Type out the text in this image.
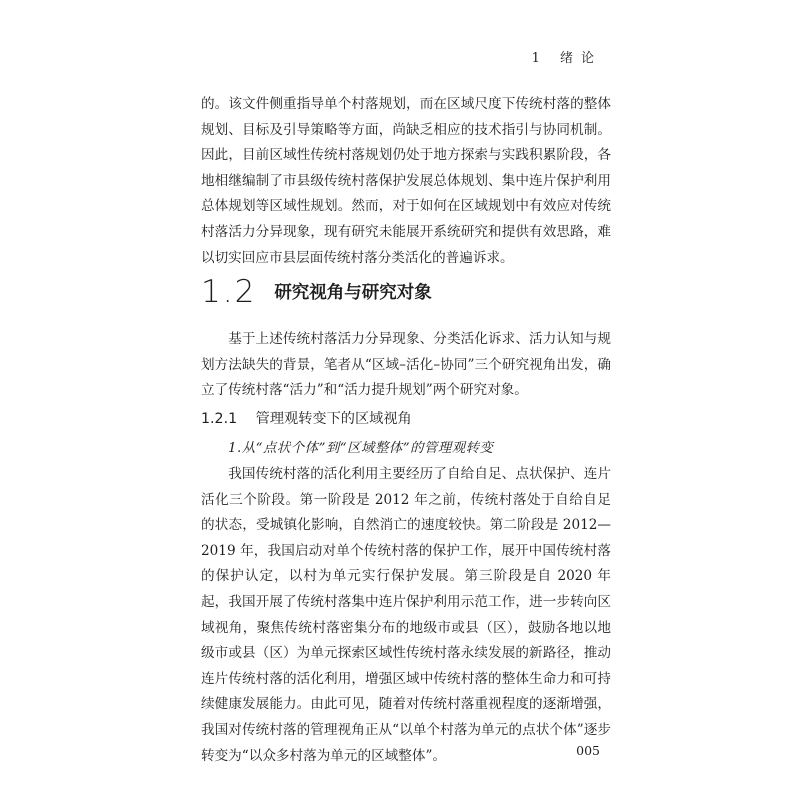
1 绪论

的。该文件侧重指导单个村落规划，而在区域尺度下传统村落的整体规划、目标及引导策略等方面，尚缺乏相应的技术指引与协同机制。因此，目前区域性传统村落规划仍处于地方探索与实践积累阶段，各地相继编制了市县级传统村落保护发展总体规划、集中连片保护利用总体规划等区域性规划。然而，对于如何在区域规划中有效应对传统村落活力分异现象，现有研究未能展开系统研究和提供有效思路，难以切实回应市县层面传统村落分类活化的普遍诉求。

1.2 研究视角与研究对象

基于上述传统村落活力分异现象、分类活化诉求、活力认知与规划方法缺失的背景，笔者从“区域–活化–协同”三个研究视角出发，确立了传统村落“活力”和“活力提升规划”两个研究对象。

1.2.1 管理观转变下的区域视角
1.从“点状个体”到“区域整体”的管理观转变

我国传统村落的活化利用主要经历了自给自足、点状保护、连片活化三个阶段。第一阶段是 2012 年之前，传统村落处于自给自足的状态，受城镇化影响，自然消亡的速度较快。第二阶段是 2012—2019 年，我国启动对单个传统村落的保护工作，展开中国传统村落的保护认定，以村为单元实行保护发展。第三阶段是自 2020 年起，我国开展了传统村落集中连片保护利用示范工作，进一步转向区域视角，聚焦传统村落密集分布的地级市或县（区），鼓励各地以地级市或县（区）为单元探索区域性传统村落永续发展的新路径，推动连片传统村落的活化利用，增强区域中传统村落的整体生命力和可持续健康发展能力。由此可见，随着对传统村落重视程度的逐渐增强，我国对传统村落的管理视角正从“以单个村落为单元的点状个体”逐步转变为“以众多村落为单元的区域整体”。	005
